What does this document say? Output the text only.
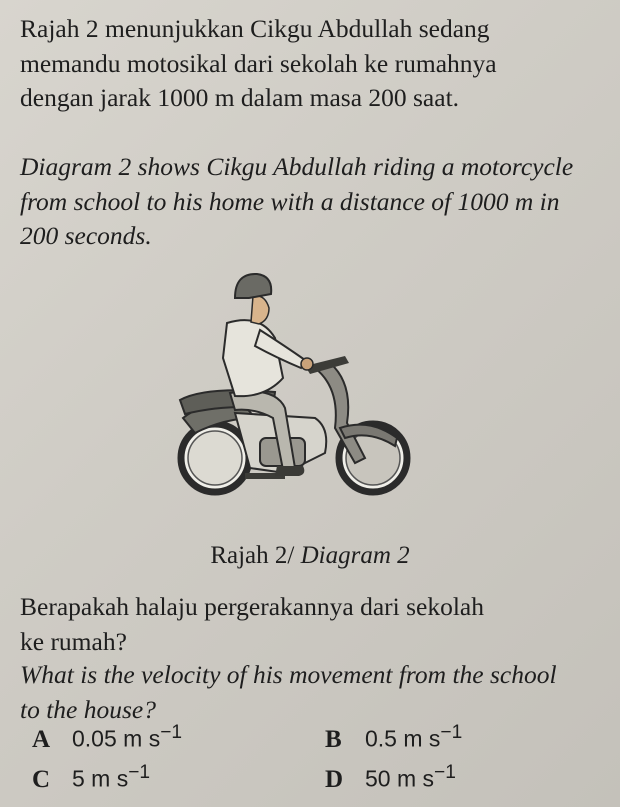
Rajah 2 menunjukkan Cikgu Abdullah sedang
memandu motosikal dari sekolah ke rumahnya
dengan jarak 1000 m dalam masa 200 saat.

Diagram 2 shows Cikgu Abdullah riding a motorcycle
from school to his home with a distance of 1000 m in
200 seconds.

Rajah 2/ Diagram 2

Berapakah halaju pergerakannya dari sekolah
ke rumah?

What is the velocity of his movement from the school
to the house?

A 0.05 m $s^{-1}$	B	0.5 m $s^{-1}$
C 5 m $s^{-1}$	D 50 m $s^{-1}$
